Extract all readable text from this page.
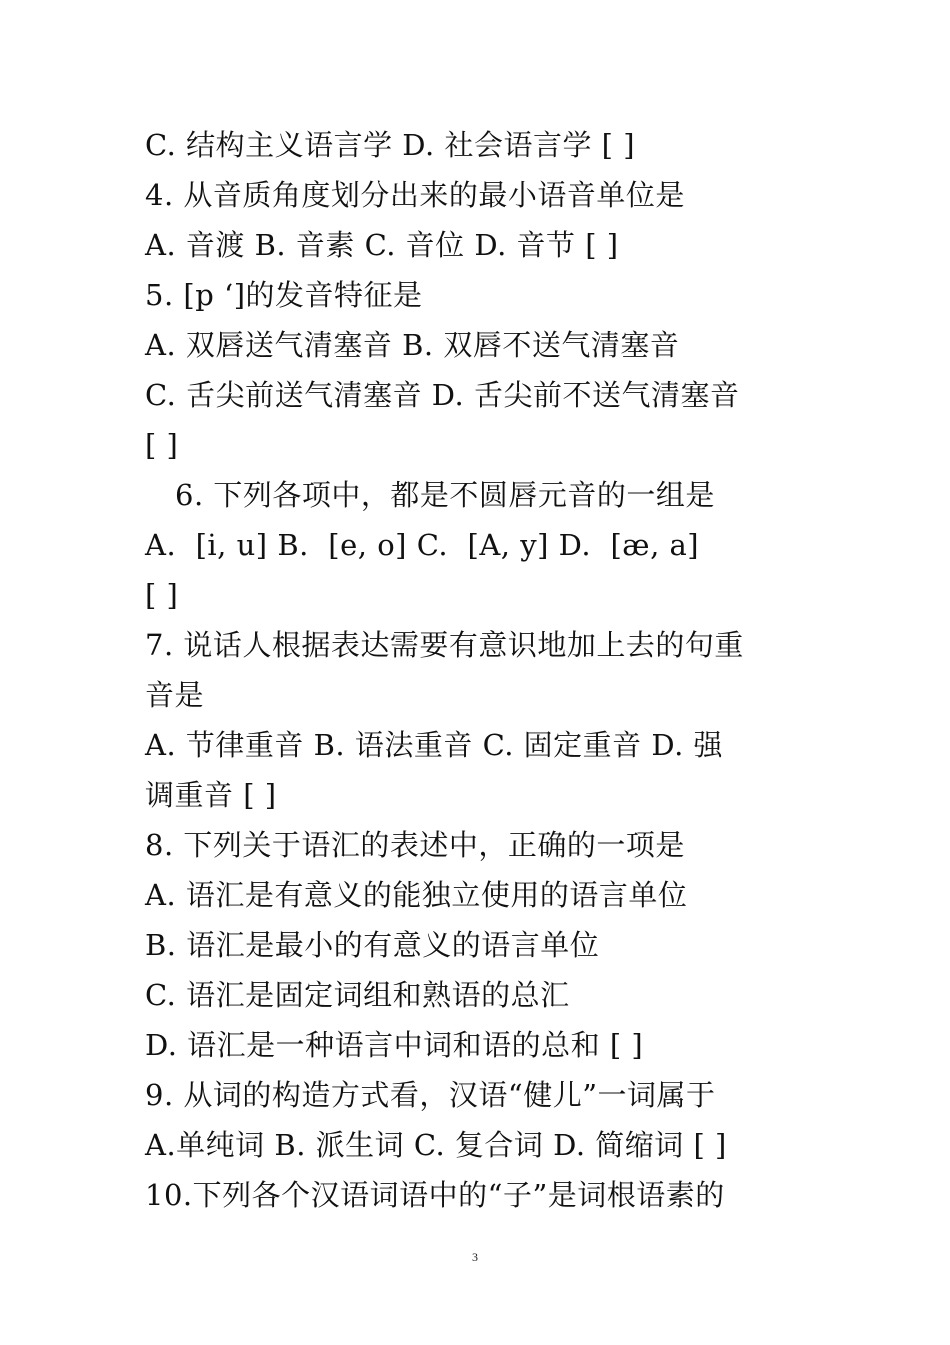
C. 结构主义语言学 D. 社会语言学 [ ]
4. 从音质角度划分出来的最小语音单位是
A. 音渡 B. 音素 C. 音位 D. 音节 [ ]
5. [p ‘]的发音特征是
A. 双唇送气清塞音 B. 双唇不送气清塞音
C. 舌尖前送气清塞音 D. 舌尖前不送气清塞音
[ ]
6. 下列各项中，都是不圆唇元音的一组是
A.  [i, u] B.  [e, o] C.  [A, y] D.  [æ, a]
[ ]
7. 说话人根据表达需要有意识地加上去的句重
音是
A. 节律重音 B. 语法重音 C. 固定重音 D. 强
调重音 [ ]
8. 下列关于语汇的表述中，正确的一项是
A. 语汇是有意义的能独立使用的语言单位
B. 语汇是最小的有意义的语言单位
C. 语汇是固定词组和熟语的总汇
D. 语汇是一种语言中词和语的总和 [ ]
9. 从词的构造方式看，汉语“健儿”一词属于
A.单纯词 B. 派生词 C. 复合词 D. 简缩词 [ ]
10.下列各个汉语词语中的“子”是词根语素的
3
